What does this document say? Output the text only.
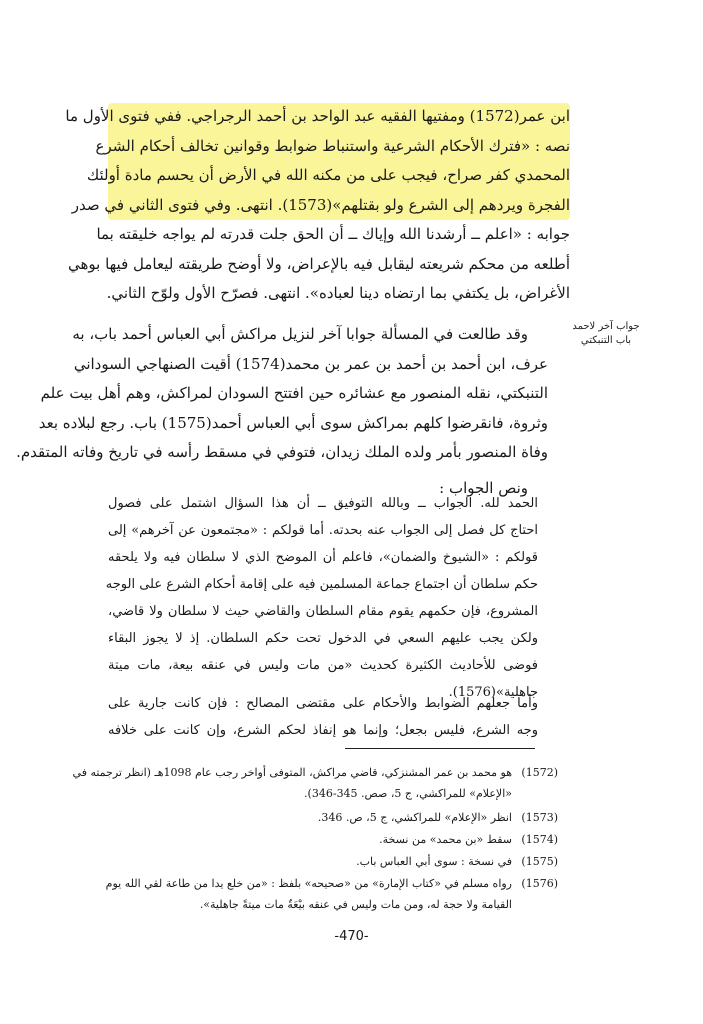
ابن عمر(1572) ومفتيها الفقيه عبد الواحد بن أحمد الرجراجي. ففي فتوى الأول ما
نصه : «فترك الأحكام الشرعية واستنباط ضوابط وقوانين تخالف أحكام الشرع
المحمدي كفر صراح، فيجب على من مكنه الله في الأرض أن يحسم مادة أولئك
الفجرة ويردهم إلى الشرع ولو بقتلهم»(1573). انتهى. وفي فتوى الثاني في صدر
جوابه : «اعلم ــ أرشدنا الله وإياك ــ أن الحق جلت قدرته لم يواجه خليقته بما
أطلعه من محكم شريعته ليقابل فيه بالإعراض، ولا أوضح طريقته ليعامل فيها بوهي
الأغراض، بل يكتفي بما ارتضاه دينا لعباده». انتهى. فصرّح الأول ولوّح الثاني.
جواب آخر لاحمد
باب التنبكتي
وقد طالعت في المسألة جوابا آخر لنزيل مراكش أبي العباس أحمد باب، به
عرف، ابن أحمد بن أحمد بن عمر بن محمد(1574) أقيت الصنهاجي السوداني
التنبكتي، نقله المنصور مع عشائره حين افتتح السودان لمراكش، وهم أهل بيت علم
وثروة، فانقرضوا كلهم بمراكش سوى أبي العباس أحمد(1575) باب. رجع لبلاده بعد
وفاة المنصور بأمر ولده الملك زيدان، فتوفي في مسقط رأسه في تاريخ وفاته المتقدم.
ونص الجواب :
الحمد لله. الجواب ــ وبالله التوفيق ــ أن هذا السؤال اشتمل على فصول
احتاج كل فصل إلى الجواب عنه بحدته. أما قولكم : «مجتمعون عن آخرهم» إلى
قولكم : «الشيوخ والضمان»، فاعلم أن الموضح الذي لا سلطان فيه ولا يلحقه
حكم سلطان أن اجتماع جماعة المسلمين فيه على إقامة أحكام الشرع على الوجه
المشروع، فإن حكمهم يقوم مقام السلطان والقاضي حيث لا سلطان ولا قاضي،
ولكن يجب عليهم السعي في الدخول تحت حكم السلطان. إذ لا يجوز البقاء
فوضى للأحاديث الكثيرة كحديث «من مات وليس في عنقه بيعة، مات ميتة
جاهلية»(1576).
وأما جعلهم الضوابط والأحكام على مقتضى المصالح : فإن كانت جارية على
وجه الشرع، فليس بجعل؛ وإنما هو إنفاذ لحكم الشرع، وإن كانت على خلافه
(1572)
هو محمد بن عمر المشنزكي، قاضي مراكش، المتوفى أواخر رجب عام 1098هـ (انظر ترجمته في
«الإعلام» للمراكشي، ج 5، صص. 345-346).
(1573)
انظر «الإعلام» للمراكشي، ج 5، ص. 346.
(1574)
سقط «بن محمد» من نسخة.
(1575)
في نسخة : سوى أبي العباس باب.
(1576)
رواه مسلم في «كتاب الإمارة» من «صحيحه» بلفظ : «من خلع يدا من طاعة لقي الله يوم
القيامة ولا حجة له، ومن مات وليس في عنقه بيْعَةٌ مات ميتةً جاهلية».
-470-
